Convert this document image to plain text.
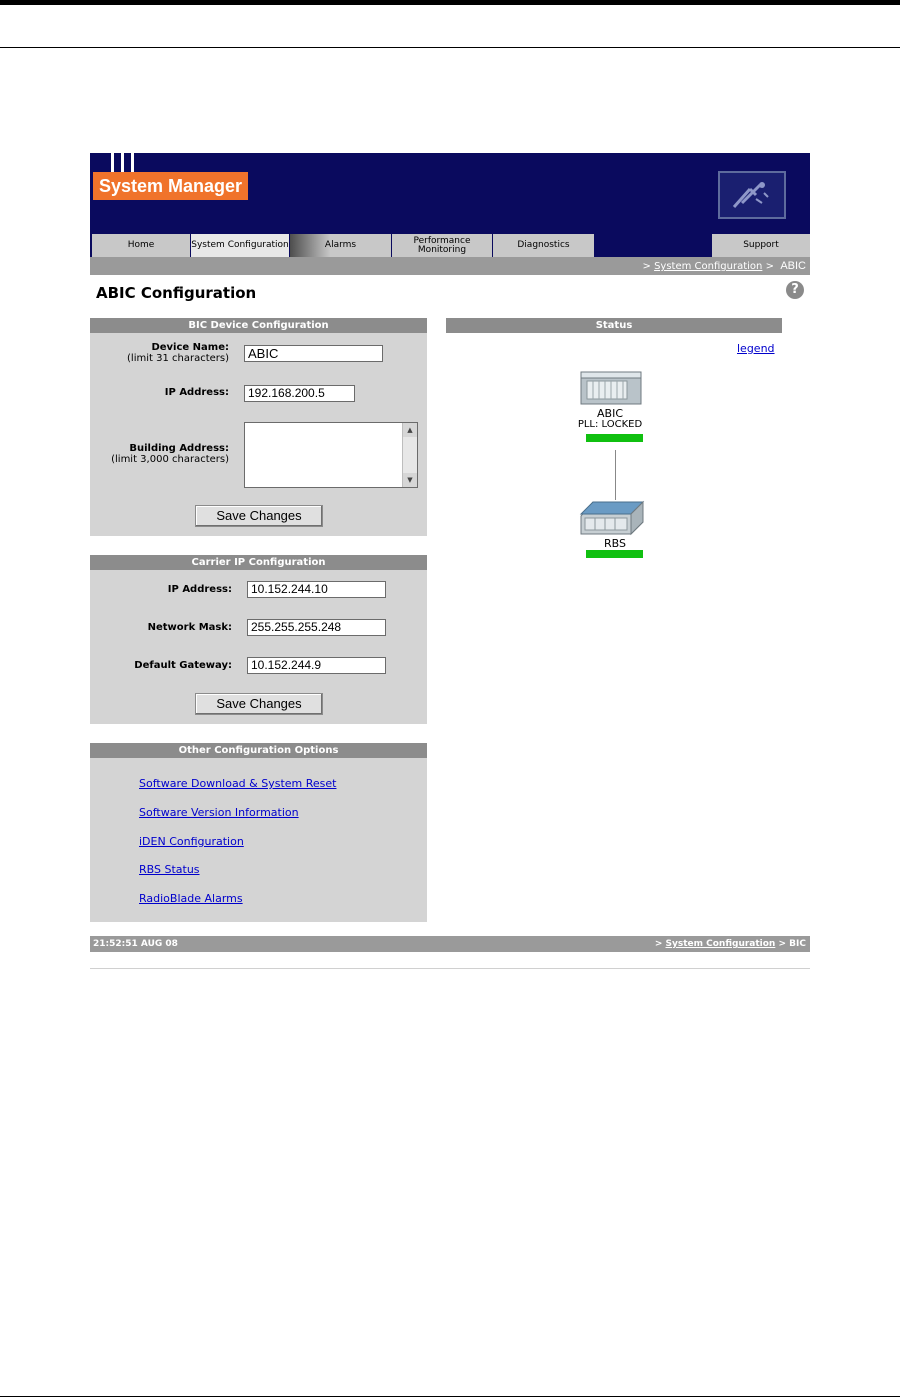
System Manager
Home	System Configuration	Alarms	Performance
Monitoring	Diagnostics	Support
> System Configuration > ABIC
ABIC Configuration	?
BIC Device Configuration
Device Name:
(limit 31 characters)	ABIC
IP Address:	192.168.200.5
Building Address:
(limit 3,000 characters)
▲
▼
Save Changes
Carrier IP Configuration
IP Address:	10.152.244.10
Network Mask:	255.255.255.248
Default Gateway:	10.152.244.9
Save Changes
Other Configuration Options
Software Download & System Reset
Software Version Information
iDEN Configuration
RBS Status
RadioBlade Alarms
Status
legend
ABIC
PLL: LOCKED
RBS
21:52:51 AUG 08	> System Configuration > BIC
